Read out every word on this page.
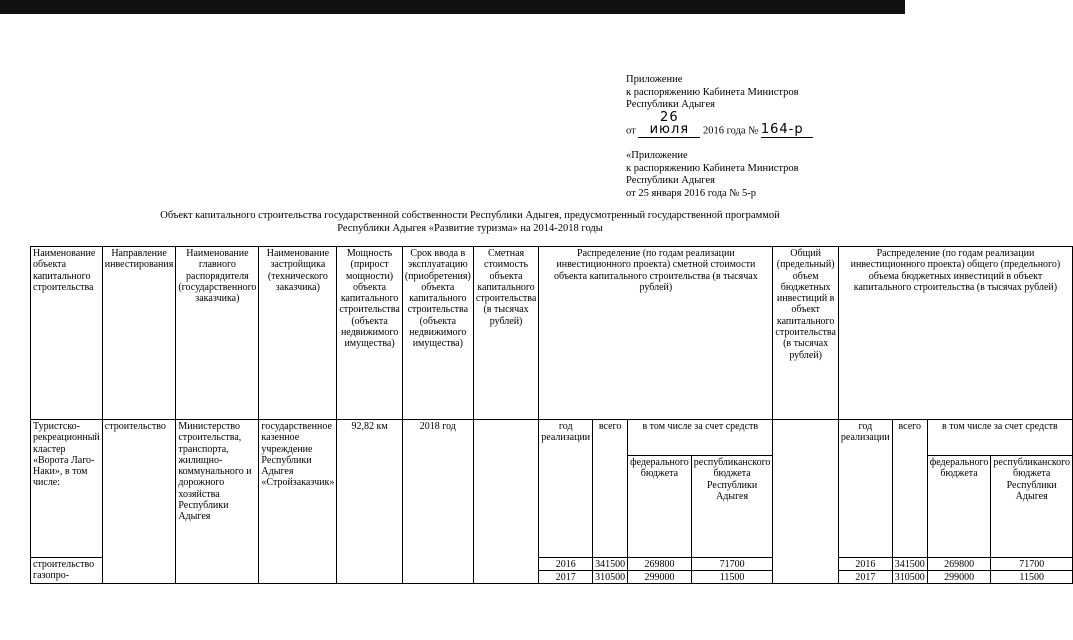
Приложение
к распоряжению Кабинета Министров
Республики Адыгея
от 26 июля 2016 года № 164-р
«Приложение
к распоряжению Кабинета Министров
Республики Адыгея
от 25 января 2016 года № 5-р
Объект капитального строительства государственной собственности Республики Адыгея, предусмотренный государственной программой
Республики Адыгея «Развитие туризма» на 2014-2018 годы
Наименование объекта капитального строительства	Направление инвестирования	Наименование главного распорядителя (государственного заказчика)	Наименование застройщика (технического заказчика)	Мощность (прирост мощности) объекта капитального строительства (объекта недвижимого имущества)	Срок ввода в эксплуатацию (приобретения) объекта капитального строительства (объекта недвижимого имущества)	Сметная стоимость объекта капитального строительства (в тысячах рублей)	Распределение (по годам реализации инвестиционного проекта) сметной стоимости объекта капитального строительства (в тысячах рублей)				Общий (предельный) объем бюджетных инвестиций в объект капитального строительства (в тысячах рублей)	Распределение (по годам реализации инвестиционного проекта) общего (предельного) объема бюджетных инвестиций в объект капитального строительства (в тысячах рублей)			
Туристско-рекреационный кластер «Ворота Лаго-Наки», в том числе:	строительство	Министерство строительства, транспорта, жилищно-коммунального и дорожного хозяйства Республики Адыгея	государственное казенное учреждение Республики Адыгея «Стройзаказчик»	92,82 км	2018 год		год реализации	всего	в том числе за счет средств			год реализации	всего	в том числе за счет средств	
									федерального бюджета	республиканского бюджета Республики Адыгея				федерального бюджета	республиканского бюджета Республики Адыгея
строительство газопро-							2016	341500	269800	71700		2016	341500	269800	71700
							2017	310500	299000	11500		2017	310500	299000	11500
